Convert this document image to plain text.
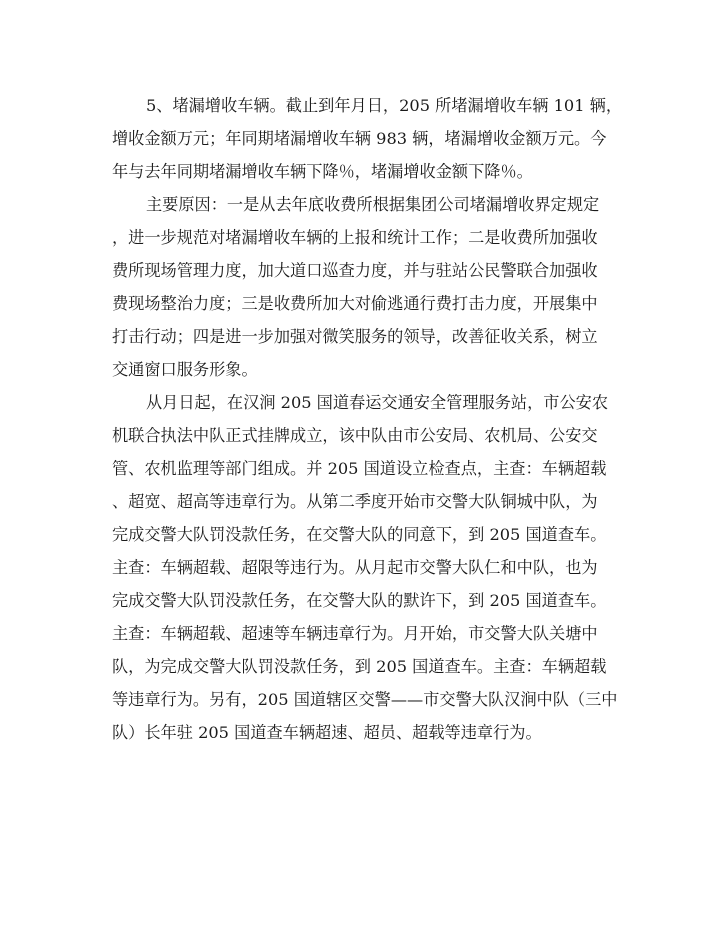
5、堵漏增收车辆。截止到年月日，205 所堵漏增收车辆 101 辆，
增收金额万元；年同期堵漏增收车辆 983 辆，堵漏增收金额万元。今
年与去年同期堵漏增收车辆下降％，堵漏增收金额下降％。

主要原因：一是从去年底收费所根据集团公司堵漏增收界定规定
，进一步规范对堵漏增收车辆的上报和统计工作；二是收费所加强收
费所现场管理力度，加大道口巡查力度，并与驻站公民警联合加强收
费现场整治力度；三是收费所加大对偷逃通行费打击力度，开展集中
打击行动；四是进一步加强对微笑服务的领导，改善征收关系，树立
交通窗口服务形象。

从月日起，在汉涧 205 国道春运交通安全管理服务站，市公安农
机联合执法中队正式挂牌成立，该中队由市公安局、农机局、公安交
管、农机监理等部门组成。并 205 国道设立检查点，主查：车辆超载
、超宽、超高等违章行为。从第二季度开始市交警大队铜城中队，为
完成交警大队罚没款任务，在交警大队的同意下，到 205 国道查车。
主查：车辆超载、超限等违行为。从月起市交警大队仁和中队，也为
完成交警大队罚没款任务，在交警大队的默许下，到 205 国道查车。
主查：车辆超载、超速等车辆违章行为。月开始，市交警大队关塘中
队，为完成交警大队罚没款任务，到 205 国道查车。主查：车辆超载
等违章行为。另有，205 国道辖区交警——市交警大队汉涧中队（三中
队）长年驻 205 国道查车辆超速、超员、超载等违章行为。
